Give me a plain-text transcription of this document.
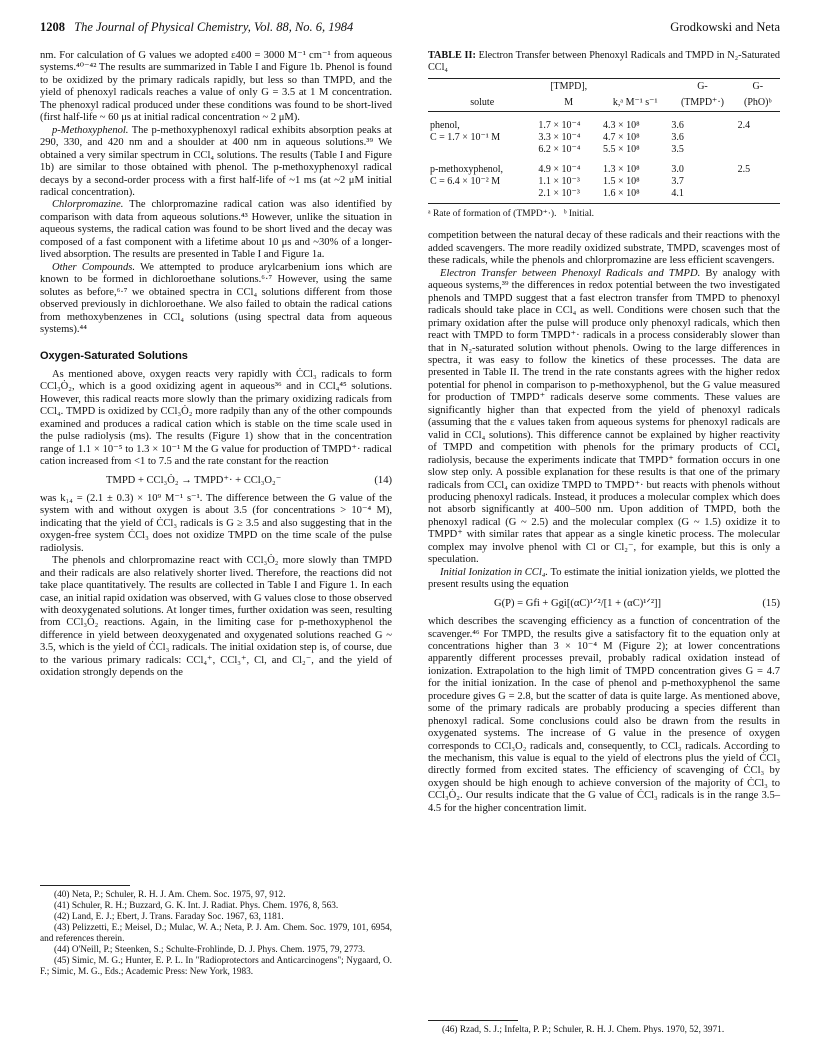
1208 The Journal of Physical Chemistry, Vol. 88, No. 6, 1984	Grodkowski and Neta

nm. For calculation of G values we adopted ε400 = 3000 M⁻¹ cm⁻¹ from aqueous systems.⁴⁰⁻⁴² The results are summarized in Table I and Figure 1b. Phenol is found to be oxidized by the primary radicals rapidly, but less so than TMPD, and the yield of phenoxyl radicals reaches a value of only G = 3.5 at 1 M concentration. The phenoxyl radical produced under these conditions was found to be short-lived (first half-life ~ 60 μs at initial radical concentration ~ 2 μM).

p-Methoxyphenol. The p-methoxyphenoxyl radical exhibits absorption peaks at 290, 330, and 420 nm and a shoulder at 400 nm in aqueous solutions.³⁹ We obtained a very similar spectrum in CCl₄ solutions. The results (Table I and Figure 1b) are similar to those obtained with phenol. The p-methoxyphenoxyl radical decays by a second-order process with a first half-life of ~1 ms (at ~2 μM initial radical concentration).

Chlorpromazine. The chlorpromazine radical cation was also identified by comparison with data from aqueous solutions.⁴³ However, unlike the situation in aqueous systems, the radical cation was found to be short lived and the decay was composed of a fast component with a lifetime about 10 μs and ~30% of a longer-lived absorption. The results are presented in Table I and Figure 1a.

Other Compounds. We attempted to produce arylcarbenium ions which are known to be formed in dichloroethane solutions.⁶·⁷ However, using the same solutes as before,⁶·⁷ we obtained spectra in CCl₄ solutions different from those observed previously in dichloroethane. We also failed to obtain the radical cations from methoxybenzenes in CCl₄ solutions (using spectral data from aqueous systems).⁴⁴

Oxygen-Saturated Solutions

As mentioned above, oxygen reacts very rapidly with ĊCl₃ radicals to form CCl₃Ȯ₂, which is a good oxidizing agent in aqueous³⁶ and in CCl₄⁴⁵ solutions. However, this radical reacts more slowly than the primary oxidizing radicals from CCl₄. TMPD is oxidized by CCl₃Ȯ₂ more radpily than any of the other compounds examined and produces a radical cation which is stable on the time scale used in the pulse radiolysis (ms). The results (Figure 1) show that in the concentration range of 1.1 × 10⁻⁵ to 1.3 × 10⁻¹ M the G value for production of TMPD⁺· radical cation increased from <1 to 7.5 and the rate constant for the reaction

TMPD + CCl₃Ȯ₂ → TMPD⁺· + CCl₃O₂⁻	(14)

was k₁₄ = (2.1 ± 0.3) × 10⁹ M⁻¹ s⁻¹. The difference between the G value of the system with and without oxygen is about 3.5 (for concentrations > 10⁻⁴ M), indicating that the yield of ĊCl₃ radicals is G ≥ 3.5 and also suggesting that in the oxygen-free system ĊCl₃ does not oxidize TMPD on the time scale of the pulse radiolysis.

The phenols and chlorpromazine react with CCl₃Ȯ₂ more slowly than TMPD and their radicals are also relatively shorter lived. Therefore, the reactions did not take place quantitatively. The results are collected in Table I and Figure 1. In each case, an initial rapid oxidation was observed, with G values close to those observed with deoxygenated solutions. At longer times, further oxidation was seen, resulting from CCl₃Ȯ₂ reactions. Again, in the limiting case for p-methoxyphenol the difference in yield between deoxygenated and oxygenated solutions reached G ~ 3.5, which is the yield of ĊCl₃ radicals. The initial oxidation step is, of course, due to the various primary radicals: CCl₄⁺, CCl₃⁺, Cl, and Cl₂⁻, and the yield of oxidation strongly depends on the

(40) Neta, P.; Schuler, R. H. J. Am. Chem. Soc. 1975, 97, 912.

(41) Schuler, R. H.; Buzzard, G. K. Int. J. Radiat. Phys. Chem. 1976, 8, 563.

(42) Land, E. J.; Ebert, J. Trans. Faraday Soc. 1967, 63, 1181.

(43) Pelizzetti, E.; Meisel, D.; Mulac, W. A.; Neta, P. J. Am. Chem. Soc. 1979, 101, 6954, and references therein.

(44) O'Neill, P.; Steenken, S.; Schulte-Frohlinde, D. J. Phys. Chem. 1975, 79, 2773.

(45) Simic, M. G.; Hunter, E. P. L. In "Radioprotectors and Anticarcinogens"; Nygaard, O. F.; Simic, M. G., Eds.; Academic Press: New York, 1983.

TABLE II: Electron Transfer between Phenoxyl Radicals and TMPD in N₂-Saturated CCl₄
	[TMPD],		G-	G-
solute	M	k,ᵃ M⁻¹ s⁻¹	(TMPD⁺·)	(PhO)ᵇ
phenol,	1.7 × 10⁻⁴	4.3 × 10⁸	3.6	2.4
C = 1.7 × 10⁻¹ M	3.3 × 10⁻⁴	4.7 × 10⁸	3.6	
	6.2 × 10⁻⁴	5.5 × 10⁸	3.5	
p-methoxyphenol,	4.9 × 10⁻⁴	1.3 × 10⁸	3.0	2.5
C = 6.4 × 10⁻² M	1.1 × 10⁻³	1.5 × 10⁸	3.7	
	2.1 × 10⁻³	1.6 × 10⁸	4.1	
ᵃ Rate of formation of (TMPD⁺·). ᵇ Initial.

competition between the natural decay of these radicals and their reactions with the added scavengers. The more readily oxidized substrate, TMPD, scavenges most of these radicals, while the phenols and chlorpromazine are less efficient scavengers.

Electron Transfer between Phenoxyl Radicals and TMPD. By analogy with aqueous systems,³⁹ the differences in redox potential between the two investigated phenols and TMPD suggest that a fast electron transfer from TMPD to phenoxyl radicals should take place in CCl₄ as well. Conditions were chosen such that the primary oxidation after the pulse will produce only phenoxyl radicals, which then react with TMPD to form TMPD⁺· radicals in a process considerably slower than that in N₂-saturated solution without phenols. Owing to the large differences in spectra, it was easy to follow the kinetics of these processes. The data are presented in Table II. The trend in the rate constants agrees with the higher redox potential for phenol in comparison to p-methoxyphenol, but the G value measured for production of TMPD⁺ radicals deserve some comments. These values are significantly higher than that expected from the yield of phenoxyl radicals (assuming that the ε values taken from aqueous systems for phenoxyl radicals are valid in CCl₄ solutions). This difference cannot be explained by higher reactivity of TMPD and competition with phenols for the primary products of CCl₄ radiolysis, because the experiments indicate that TMPD⁺ formation occurs in one slow step only. A possible explanation for these results is that one of the primary radicals from CCl₄ can oxidize TMPD to TMPD⁺· but reacts with phenols without producing phenoxyl radicals. Instead, it produces a molecular complex which does not absorb significantly at 400–500 nm. Upon addition of TMPD, both the phenoxyl radical (G ~ 2.5) and the molecular complex (G ~ 1.5) oxidize it to TMPD⁺ with similar rates that appear as a single kinetic process. The molecular complex may involve phenol with Cl or Cl₂⁻, for example, but this is only a speculation.

Initial Ionization in CCl₄. To estimate the initial ionization yields, we plotted the present results using the equation

G(P) = Gfi + Ggi[(αC)¹ᐟ²/[1 + (αC)¹ᐟ²]]	(15)

which describes the scavenging efficiency as a function of concentration of the scavenger.⁴⁶ For TMPD, the results give a satisfactory fit to the equation only at concentrations higher than 3 × 10⁻⁴ M (Figure 2); at lower concentrations apparently different processes prevail, probably radical oxidation instead of ionization. Extrapolation to the high limit of TMPD concentration gives G = 4.7 for the initial ionization. In the case of phenol and p-methoxyphenol the same procedure gives G = 2.8, but the scatter of data is quite large. As mentioned above, some of the primary radicals are probably producing a species different than phenoxyl radical. Some conclusions could also be drawn from the results in oxygenated systems. The increase of G value in the presence of oxygen corresponds to CCl₃O₂ radicals and, consequently, to CCl₃ radicals. According to the mechanism, this value is equal to the yield of electrons plus the yield of ĊCl₃ directly formed from excited states. The efficiency of scavenging of ĊCl₃ by oxygen should be high enough to achieve conversion of the majority of ĊCl₃ to CCl₃Ȯ₂. Our results indicate that the G value of ĊCl₃ radicals is in the range 3.5–4.5 for the higher concentration limit.

(46) Rzad, S. J.; Infelta, P. P.; Schuler, R. H. J. Chem. Phys. 1970, 52, 3971.
